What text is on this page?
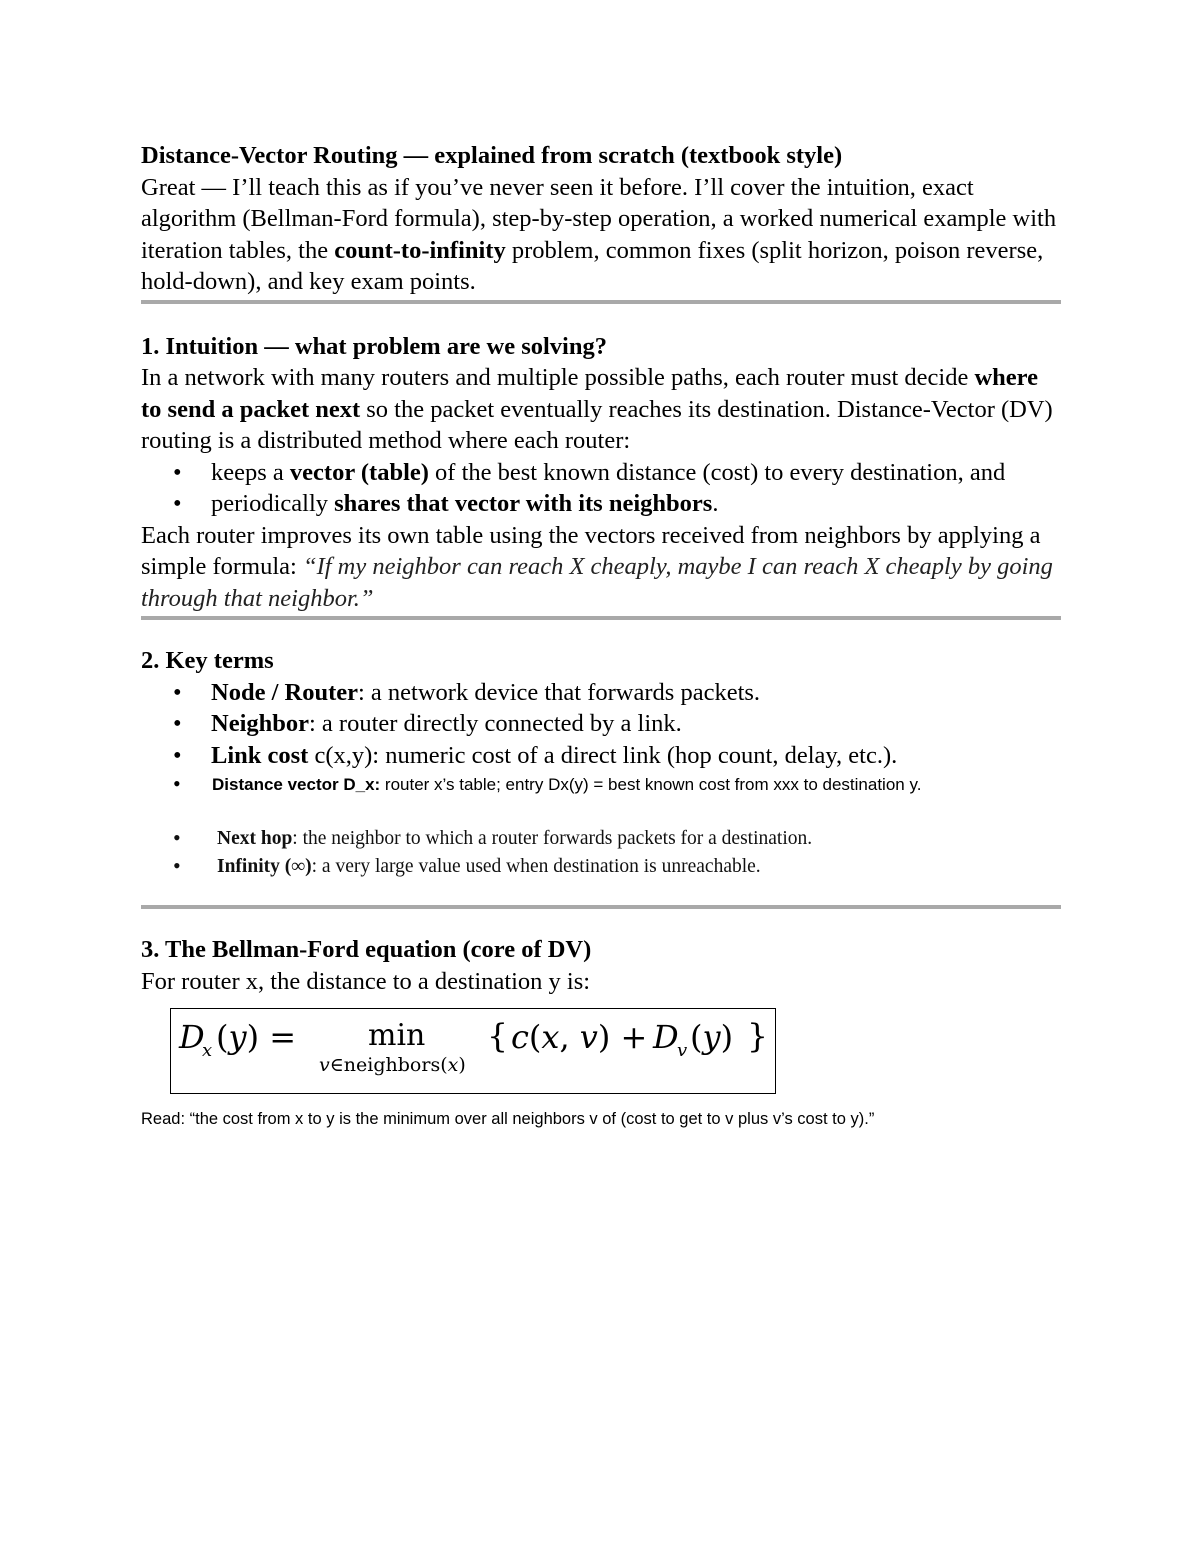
Distance-Vector Routing — explained from scratch (textbook style)

Great — I’ll teach this as if you’ve never seen it before. I’ll cover the intuition, exact algorithm (Bellman-Ford formula), step-by-step operation, a worked numerical example with iteration tables, the count-to-infinity problem, common fixes (split horizon, poison reverse, hold-down), and key exam points.

1. Intuition — what problem are we solving?

In a network with many routers and multiple possible paths, each router must decide where to send a packet next so the packet eventually reaches its destination. Distance-Vector (DV) routing is a distributed method where each router:

• keeps a vector (table) of the best known distance (cost) to every destination, and
• periodically shares that vector with its neighbors.

Each router improves its own table using the vectors received from neighbors by applying a simple formula: “If my neighbor can reach X cheaply, maybe I can reach X cheaply by going through that neighbor.”

2. Key terms

• Node / Router: a network device that forwards packets.
• Neighbor: a router directly connected by a link.
• Link cost c(x,y): numeric cost of a direct link (hop count, delay, etc.).
• Distance vector D_x: router x’s table; entry Dx(y) = best known cost from xxx to destination y.
• Next hop: the neighbor to which a router forwards packets for a destination.
• Infinity (∞): a very large value used when destination is unreachable.

3. The Bellman-Ford equation (core of DV)

For router x, the distance to a destination y is:

D
x (y) = min
v∈neighbors(x)
{ c(x, v) + D
v (y) }

Read: “the cost from x to y is the minimum over all neighbors v of (cost to get to v plus v’s cost to y).”
